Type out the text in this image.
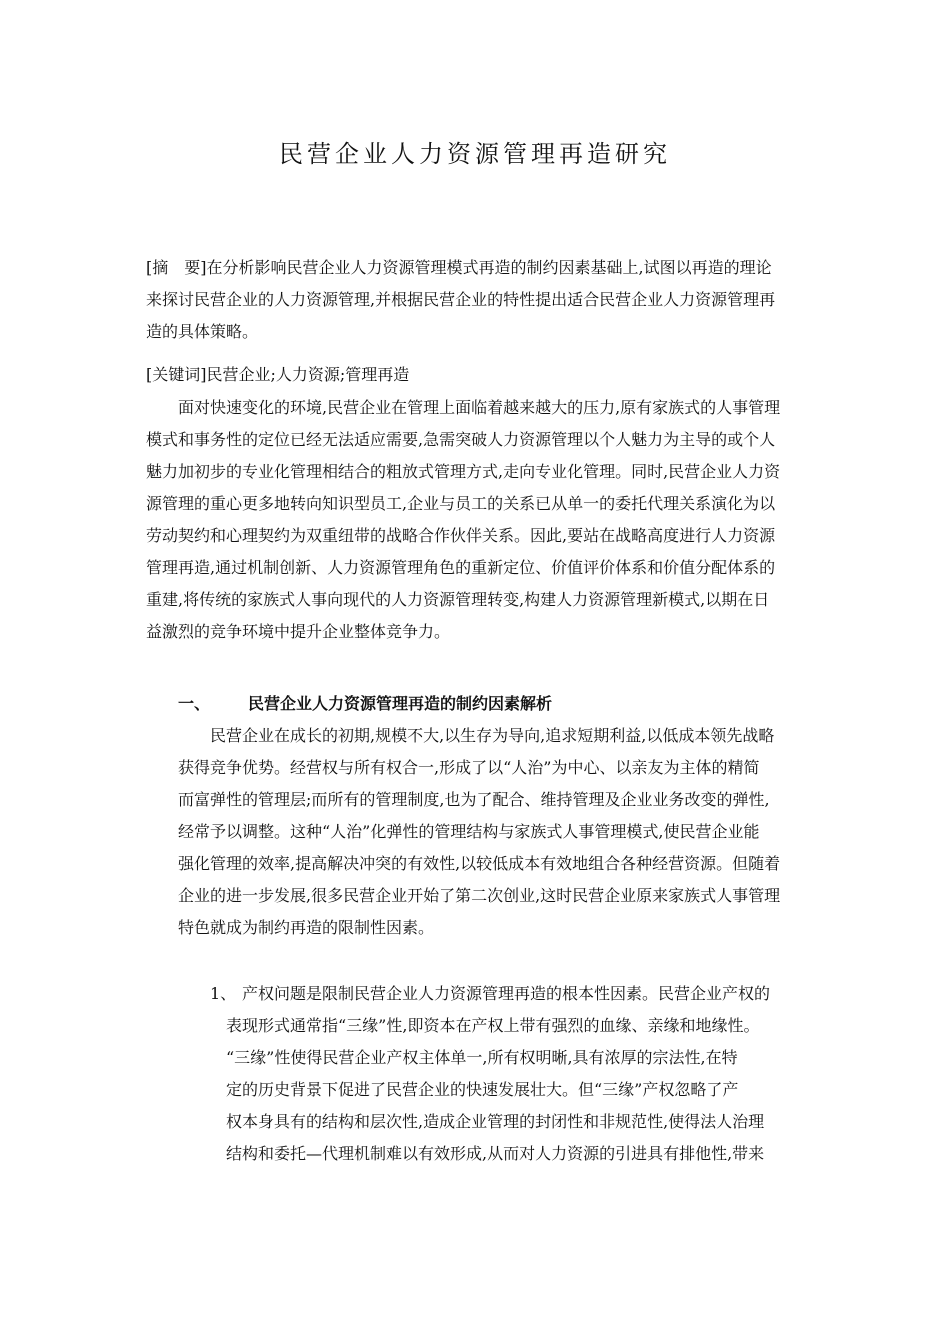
民营企业人力资源管理再造研究
[摘　要]在分析影响民营企业人力资源管理模式再造的制约因素基础上,试图以再造的理论
来探讨民营企业的人力资源管理,并根据民营企业的特性提出适合民营企业人力资源管理再
造的具体策略。
[关键词]民营企业;人力资源;管理再造
面对快速变化的环境,民营企业在管理上面临着越来越大的压力,原有家族式的人事管理
模式和事务性的定位已经无法适应需要,急需突破人力资源管理以个人魅力为主导的或个人
魅力加初步的专业化管理相结合的粗放式管理方式,走向专业化管理。同时,民营企业人力资
源管理的重心更多地转向知识型员工,企业与员工的关系已从单一的委托代理关系演化为以
劳动契约和心理契约为双重纽带的战略合作伙伴关系。因此,要站在战略高度进行人力资源
管理再造,通过机制创新、人力资源管理角色的重新定位、价值评价体系和价值分配体系的
重建,将传统的家族式人事向现代的人力资源管理转变,构建人力资源管理新模式,以期在日
益激烈的竞争环境中提升企业整体竞争力。
一、 民营企业人力资源管理再造的制约因素解析
民营企业在成长的初期,规模不大,以生存为导向,追求短期利益,以低成本领先战略
获得竞争优势。经营权与所有权合一,形成了以“人治”为中心、以亲友为主体的精简
而富弹性的管理层;而所有的管理制度,也为了配合、维持管理及企业业务改变的弹性,
经常予以调整。这种“人治”化弹性的管理结构与家族式人事管理模式,使民营企业能
强化管理的效率,提高解决冲突的有效性,以较低成本有效地组合各种经营资源。但随着
企业的进一步发展,很多民营企业开始了第二次创业,这时民营企业原来家族式人事管理
特色就成为制约再造的限制性因素。
1、 产权问题是限制民营企业人力资源管理再造的根本性因素。民营企业产权的
表现形式通常指“三缘”性,即资本在产权上带有强烈的血缘、亲缘和地缘性。
“三缘”性使得民营企业产权主体单一,所有权明晰,具有浓厚的宗法性,在特
定的历史背景下促进了民营企业的快速发展壮大。但“三缘”产权忽略了产
权本身具有的结构和层次性,造成企业管理的封闭性和非规范性,使得法人治理
结构和委托—代理机制难以有效形成,从而对人力资源的引进具有排他性,带来
